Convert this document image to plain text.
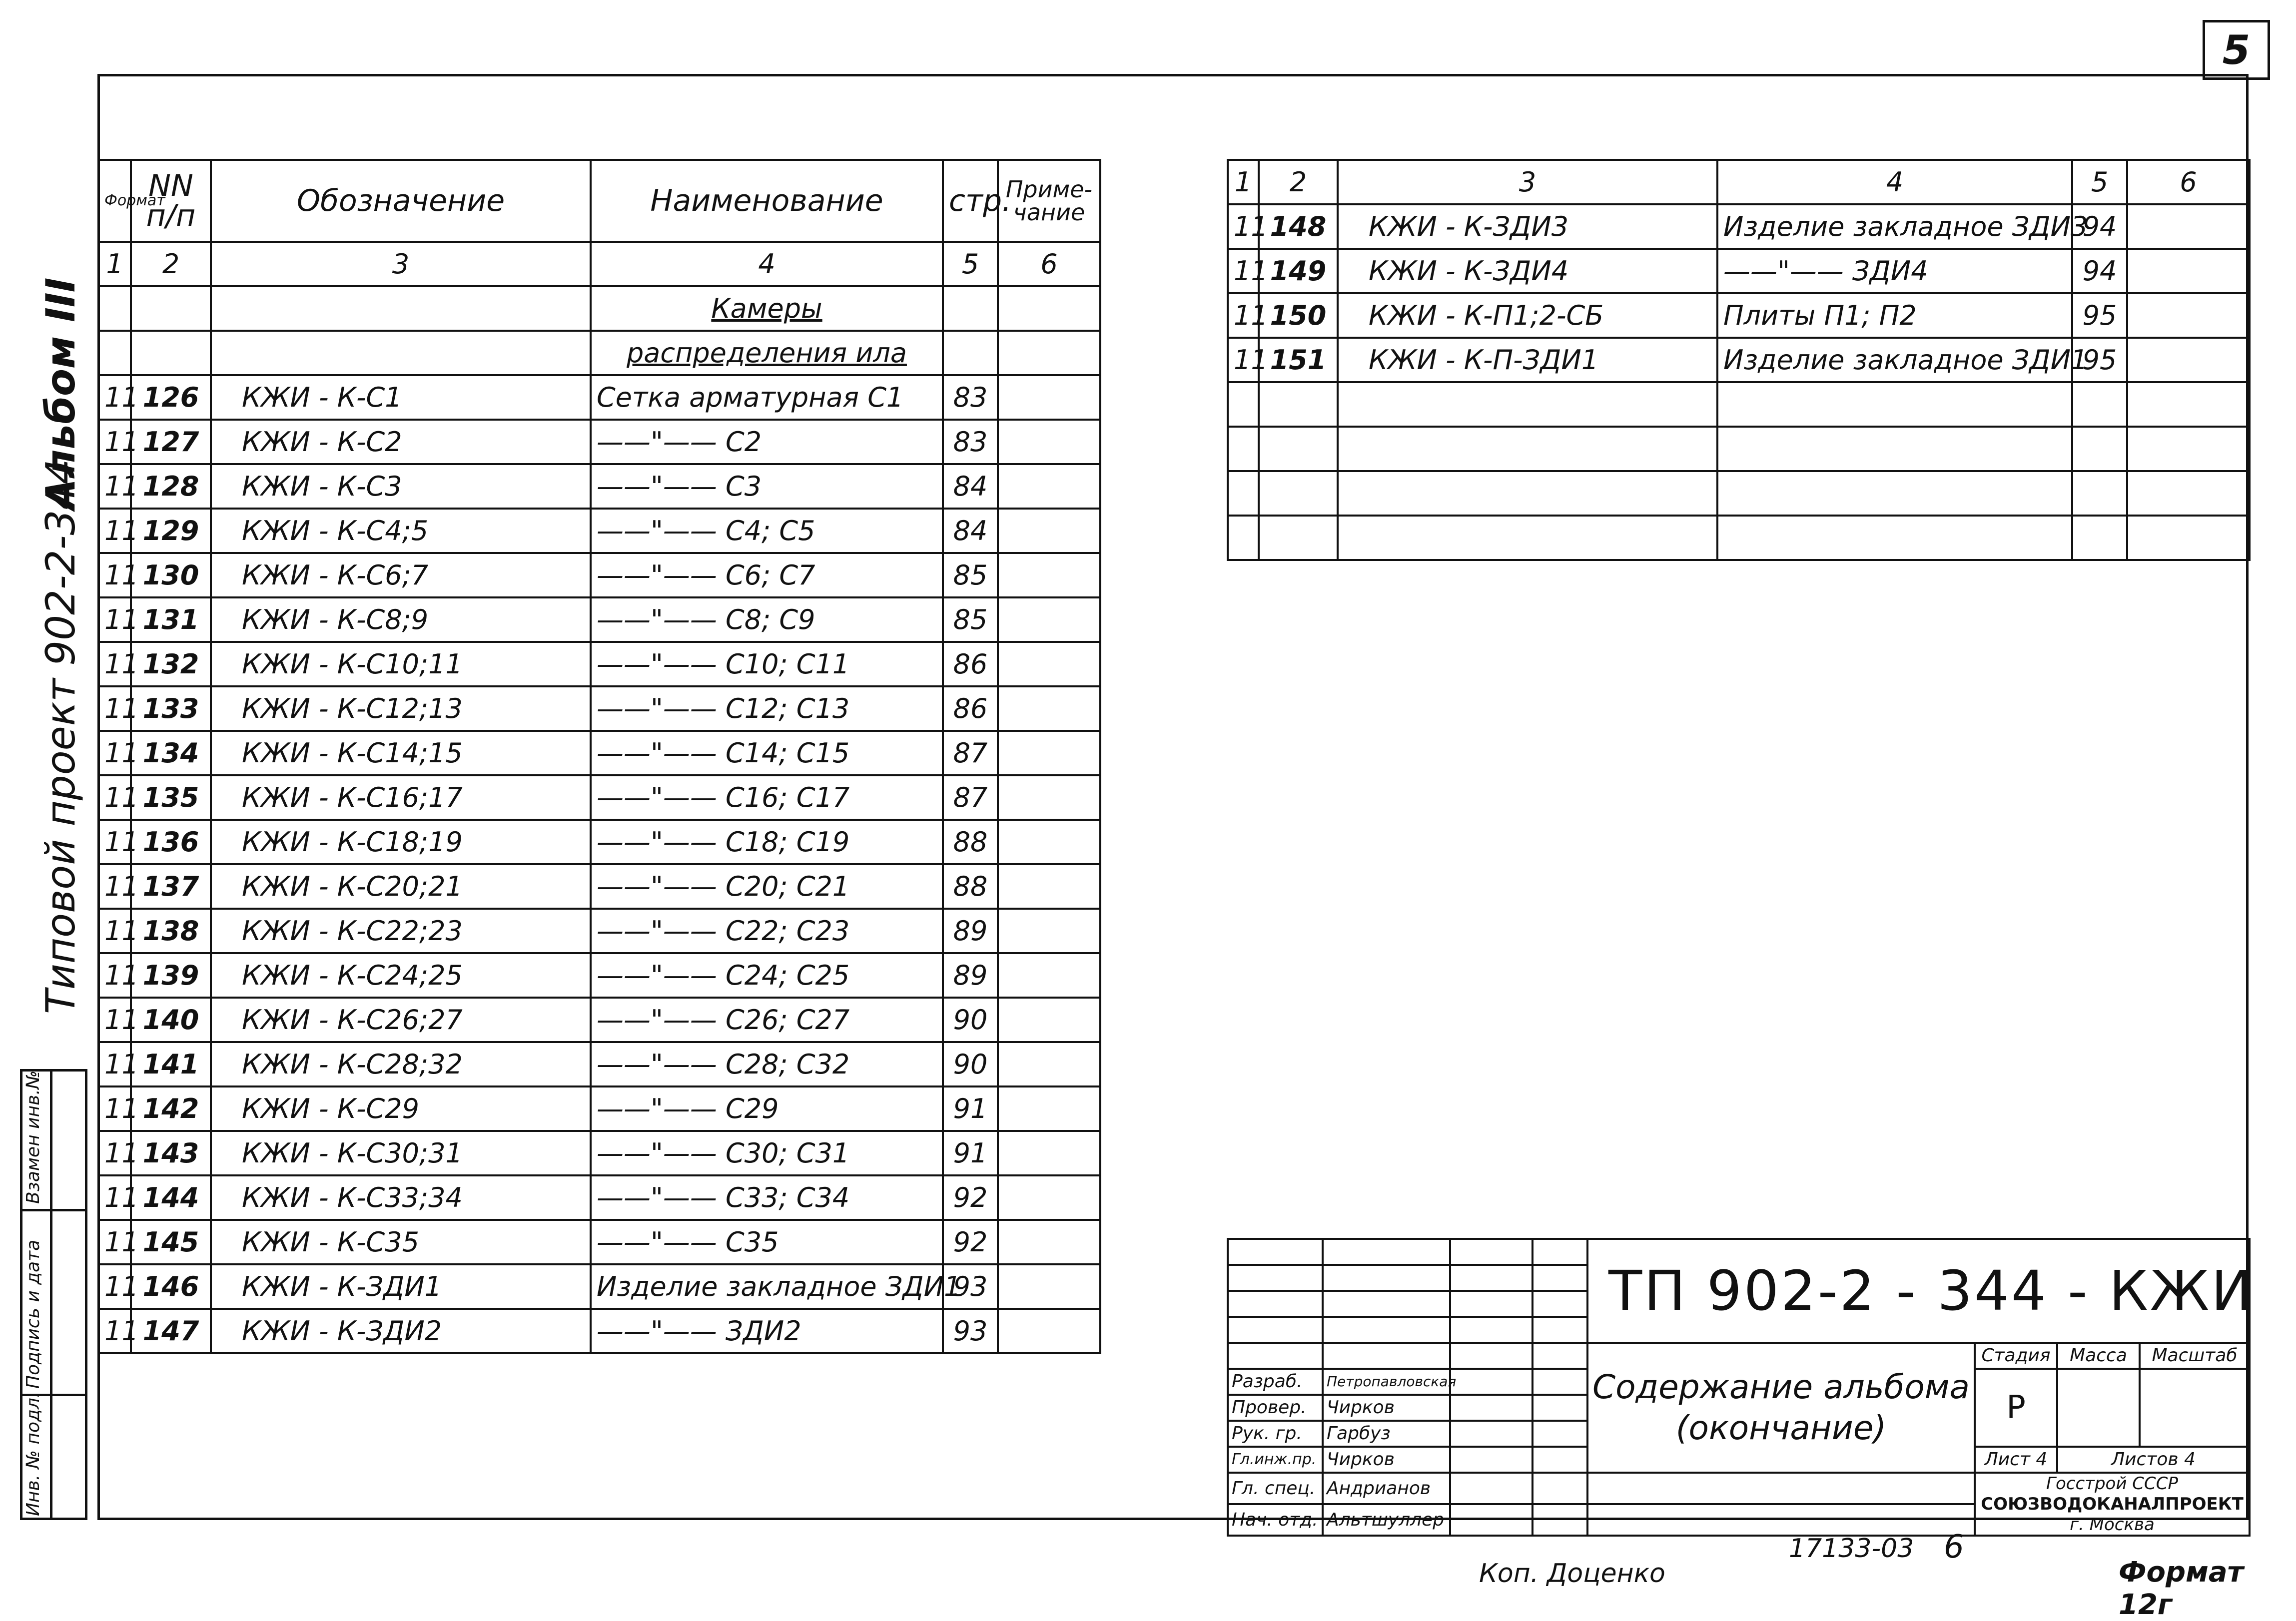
5
Инв. № подл.
Подпись и дата
Взамен инв.№
Альбом III
Типовой проект 902-2-344
Формат	NN п/п	Обозначение	Наименование	стр.	Приме-чание
1	2	3	4	5	6
			Камеры		
			распределения ила		
11	126	КЖИ - К-С1	Сетка арматурная С1	83	
11	127	КЖИ - К-С2	——"—— С2	83	
11	128	КЖИ - К-С3	——"—— С3	84	
11	129	КЖИ - К-С4;5	——"—— С4; С5	84	
11	130	КЖИ - К-С6;7	——"—— С6; С7	85	
11	131	КЖИ - К-С8;9	——"—— С8; С9	85	
11	132	КЖИ - К-С10;11	——"—— С10; С11	86	
11	133	КЖИ - К-С12;13	——"—— С12; С13	86	
11	134	КЖИ - К-С14;15	——"—— С14; С15	87	
11	135	КЖИ - К-С16;17	——"—— С16; С17	87	
11	136	КЖИ - К-С18;19	——"—— С18; С19	88	
11	137	КЖИ - К-С20;21	——"—— С20; С21	88	
11	138	КЖИ - К-С22;23	——"—— С22; С23	89	
11	139	КЖИ - К-С24;25	——"—— С24; С25	89	
11	140	КЖИ - К-С26;27	——"—— С26; С27	90	
11	141	КЖИ - К-С28;32	——"—— С28; С32	90	
11	142	КЖИ - К-С29	——"—— С29	91	
11	143	КЖИ - К-С30;31	——"—— С30; С31	91	
11	144	КЖИ - К-С33;34	——"—— С33; С34	92	
11	145	КЖИ - К-С35	——"—— С35	92	
11	146	КЖИ - К-ЗДИ1	Изделие закладное ЗДИ1	93	
11	147	КЖИ - К-ЗДИ2	——"—— ЗДИ2	93	
1	2	3	4	5	6
11	148	КЖИ - К-ЗДИ3	Изделие закладное ЗДИ3	94	
11	149	КЖИ - К-ЗДИ4	——"—— ЗДИ4	94	
11	150	КЖИ - К-П1;2-СБ	Плиты П1; П2	95	
11	151	КЖИ - К-П-ЗДИ1	Изделие закладное ЗДИ1	95	

				ТП 902-2 - 344 - КЖИ			

				Содержание альбома
(окончание)	Стадия	Масса	Масштаб
Разраб.	Петропавловская				Р		
Провер.	Чирков						
Рук. гр.	Гарбуз						
Гл.инж.пр.	Чирков				Лист 4	Листов 4	
Гл. спец.	Андрианов				Госстрой СССР
СОЮЗВОДОКАНАЛПРОЕКТ
г. Москва		
Нач. отд.	Альтшуллер						
Коп. Доценко
17133-03 6
Формат 12г
